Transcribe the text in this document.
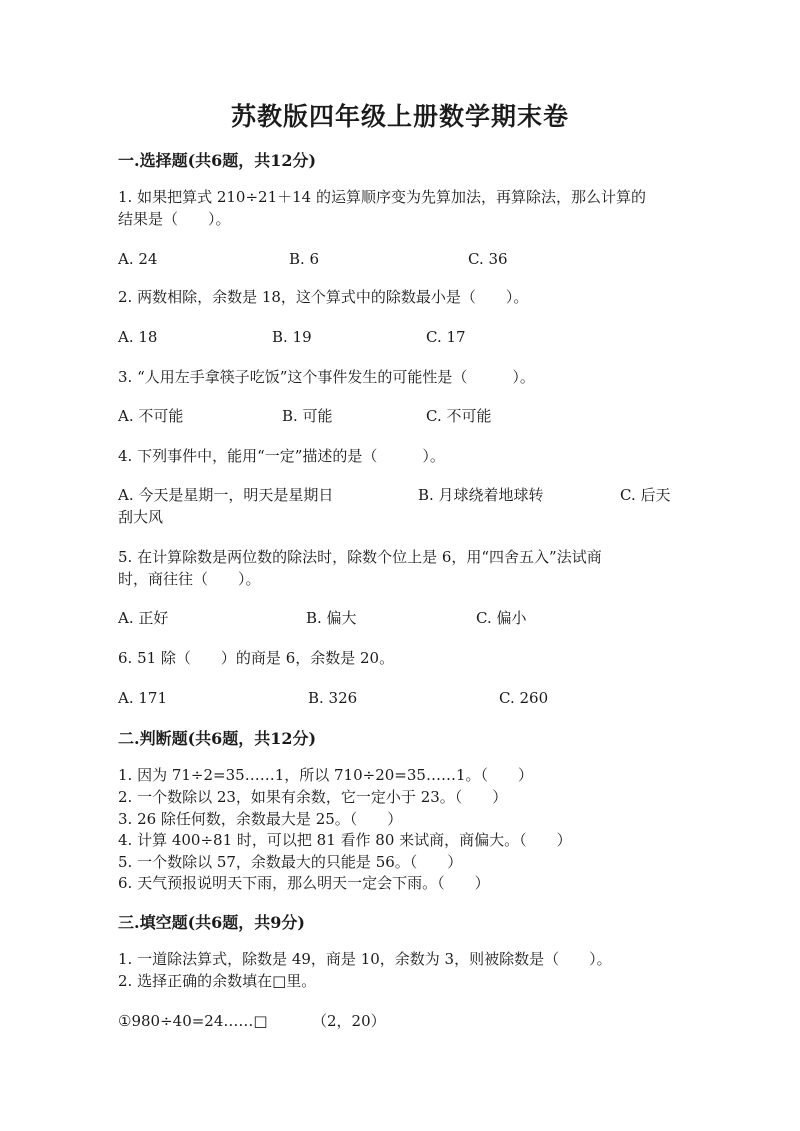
苏教版四年级上册数学期末卷
一.选择题(共6题，共12分)
1. 如果把算式 210÷21＋14 的运算顺序变为先算加法，再算除法，那么计算的
结果是（　　）。
A. 24	B. 6	C. 36
2. 两数相除，余数是 18，这个算式中的除数最小是（　　）。
A. 18	B. 19	C. 17
3. “人用左手拿筷子吃饭”这个事件发生的可能性是（　　　）。
A. 不可能	B. 可能	C. 不可能
4. 下列事件中，能用“一定”描述的是（　　　）。
A. 今天是星期一，明天是星期日	B. 月球绕着地球转	C. 后天
刮大风
5. 在计算除数是两位数的除法时，除数个位上是 6，用“四舍五入”法试商
时，商往往（　　）。
A. 正好	B. 偏大	C. 偏小
6. 51 除（　　）的商是 6，余数是 20。
A. 171	B. 326	C. 260
二.判断题(共6题，共12分)
1. 因为 71÷2=35……1，所以 710÷20=35……1。（　　）
2. 一个数除以 23，如果有余数，它一定小于 23。（　　）
3. 26 除任何数，余数最大是 25。（　　）
4. 计算 400÷81 时，可以把 81 看作 80 来试商，商偏大。（　　）
5. 一个数除以 57，余数最大的只能是 56。（　　）
6. 天气预报说明天下雨，那么明天一定会下雨。（　　）
三.填空题(共6题，共9分)
1. 一道除法算式，除数是 49，商是 10，余数为 3，则被除数是（　　）。
2. 选择正确的余数填在□里。
①980÷40=24……□	（2，20）
